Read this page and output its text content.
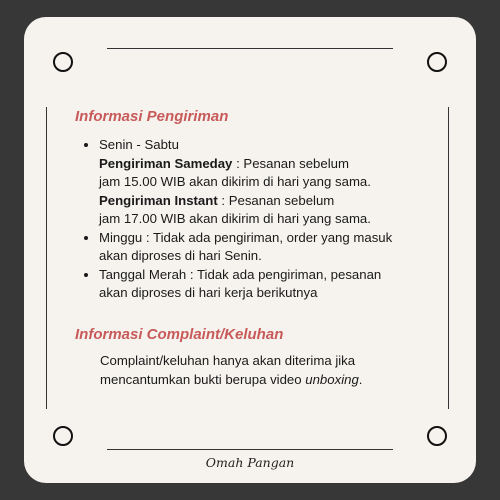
Informasi Pengiriman
• Senin - Sabtu
Pengiriman Sameday : Pesanan sebelum
jam 15.00 WIB akan dikirim di hari yang sama.
Pengiriman Instant : Pesanan sebelum
jam 17.00 WIB akan dikirim di hari yang sama.
• Minggu : Tidak ada pengiriman, order yang masuk
akan diproses di hari Senin.
• Tanggal Merah : Tidak ada pengiriman, pesanan
akan diproses di hari kerja berikutnya
Informasi Complaint/Keluhan

Complaint/keluhan hanya akan diterima jika
mencantumkan bukti berupa video unboxing.

Omah Pangan
